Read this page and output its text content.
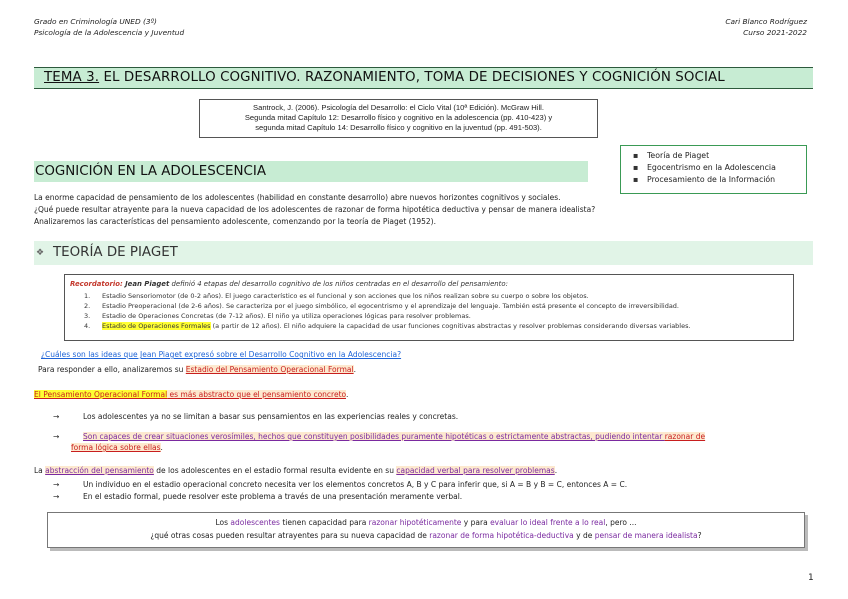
Grado en Criminología UNED (3º)
Psicología de la Adolescencia y Juventud
Cari Blanco Rodríguez
Curso 2021-2022
TEMA 3. EL DESARROLLO COGNITIVO. RAZONAMIENTO, TOMA DE DECISIONES Y COGNICIÓN SOCIAL
Santrock, J. (2006). Psicología del Desarrollo: el Ciclo Vital (10ª Edición). McGraw Hill.
Segunda mitad Capítulo 12: Desarrollo físico y cognitivo en la adolescencia (pp. 410-423) y
segunda mitad Capítulo 14: Desarrollo físico y cognitivo en la juventud (pp. 491-503).
▪ Teoría de Piaget
▪ Egocentrismo en la Adolescencia
▪ Procesamiento de la Información
COGNICIÓN EN LA ADOLESCENCIA
La enorme capacidad de pensamiento de los adolescentes (habilidad en constante desarrollo) abre nuevos horizontes cognitivos y sociales.
¿Qué puede resultar atrayente para la nueva capacidad de los adolescentes de razonar de forma hipotética deductiva y pensar de manera idealista?
Analizaremos las características del pensamiento adolescente, comenzando por la teoría de Piaget (1952).
❖ TEORÍA DE PIAGET
Recordatorio: Jean Piaget definió 4 etapas del desarrollo cognitivo de los niños centradas en el desarrollo del pensamiento:
1. Estadio Sensoriomotor (de 0-2 años). El juego característico es el funcional y son acciones que los niños realizan sobre su cuerpo o sobre los objetos.
2. Estadio Preoperacional (de 2-6 años). Se caracteriza por el juego simbólico, el egocentrismo y el aprendizaje del lenguaje. También está presente el concepto de irreversibilidad.
3. Estadio de Operaciones Concretas (de 7-12 años). El niño ya utiliza operaciones lógicas para resolver problemas.
4. Estadio de Operaciones Formales (a partir de 12 años). El niño adquiere la capacidad de usar funciones cognitivas abstractas y resolver problemas considerando diversas variables.
¿Cuáles son las ideas que Jean Piaget expresó sobre el Desarrollo Cognitivo en la Adolescencia?
Para responder a ello, analizaremos su Estadio del Pensamiento Operacional Formal.
El Pensamiento Operacional Formal es más abstracto que el pensamiento concreto.
→	Los adolescentes ya no se limitan a basar sus pensamientos en las experiencias reales y concretas.
→	Son capaces de crear situaciones verosímiles, hechos que constituyen posibilidades puramente hipotéticas o estrictamente abstractas, pudiendo intentar razonar de
forma lógica sobre ellas.
La abstracción del pensamiento de los adolescentes en el estadio formal resulta evidente en su capacidad verbal para resolver problemas.
→	Un individuo en el estadio operacional concreto necesita ver los elementos concretos A, B y C para inferir que, si A = B y B = C, entonces A = C.
→	En el estadio formal, puede resolver este problema a través de una presentación meramente verbal.
Los adolescentes tienen capacidad para razonar hipotéticamente y para evaluar lo ideal frente a lo real, pero ...
¿qué otras cosas pueden resultar atrayentes para su nueva capacidad de razonar de forma hipotética-deductiva y de pensar de manera idealista?
1
